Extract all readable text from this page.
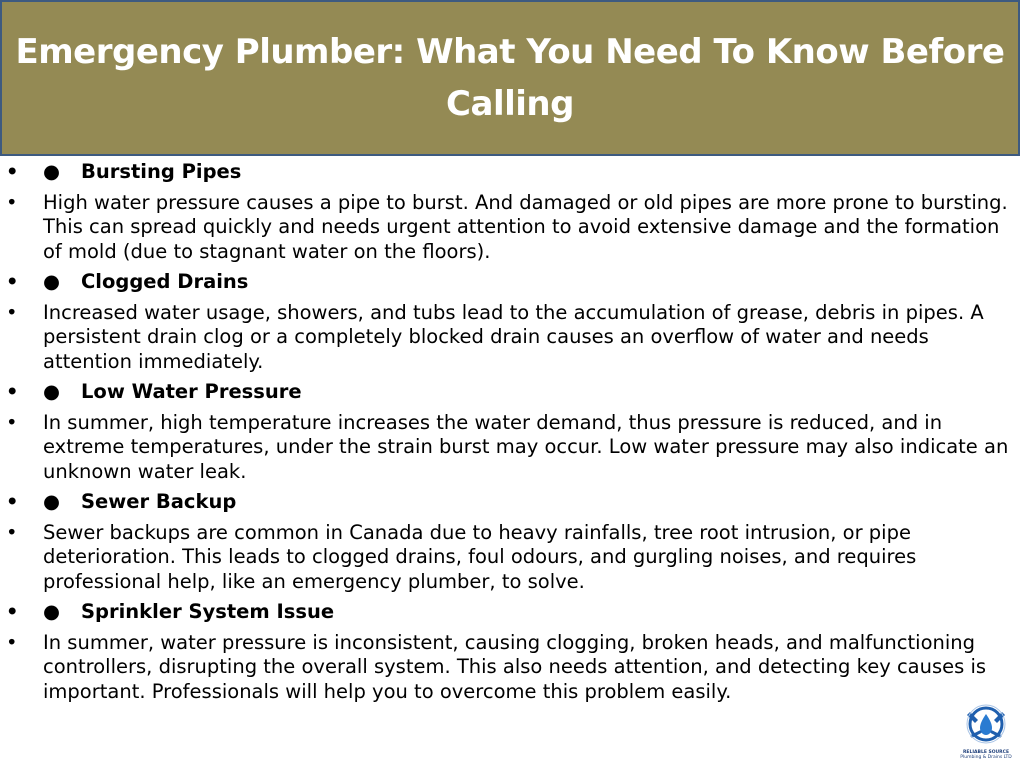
Emergency Plumber: What You Need To Know Before Calling
•	● Bursting Pipes
•	High water pressure causes a pipe to burst. And damaged or old pipes are more prone to bursting. This can spread quickly and needs urgent attention to avoid extensive damage and the formation of mold (due to stagnant water on the floors).
•	● Clogged Drains
•	Increased water usage, showers, and tubs lead to the accumulation of grease, debris in pipes. A persistent drain clog or a completely blocked drain causes an overflow of water and needs attention immediately.
•	● Low Water Pressure
•	In summer, high temperature increases the water demand, thus pressure is reduced, and in extreme temperatures, under the strain burst may occur. Low water pressure may also indicate an unknown water leak.
•	● Sewer Backup
•	Sewer backups are common in Canada due to heavy rainfalls, tree root intrusion, or pipe deterioration. This leads to clogged drains, foul odours, and gurgling noises, and requires professional help, like an emergency plumber, to solve.
•	● Sprinkler System Issue
•	In summer, water pressure is inconsistent, causing clogging, broken heads, and malfunctioning controllers, disrupting the overall system. This also needs attention, and detecting key causes is important. Professionals will help you to overcome this problem easily.
RELIABLE SOURCE
Plumbing & Drains LTD
